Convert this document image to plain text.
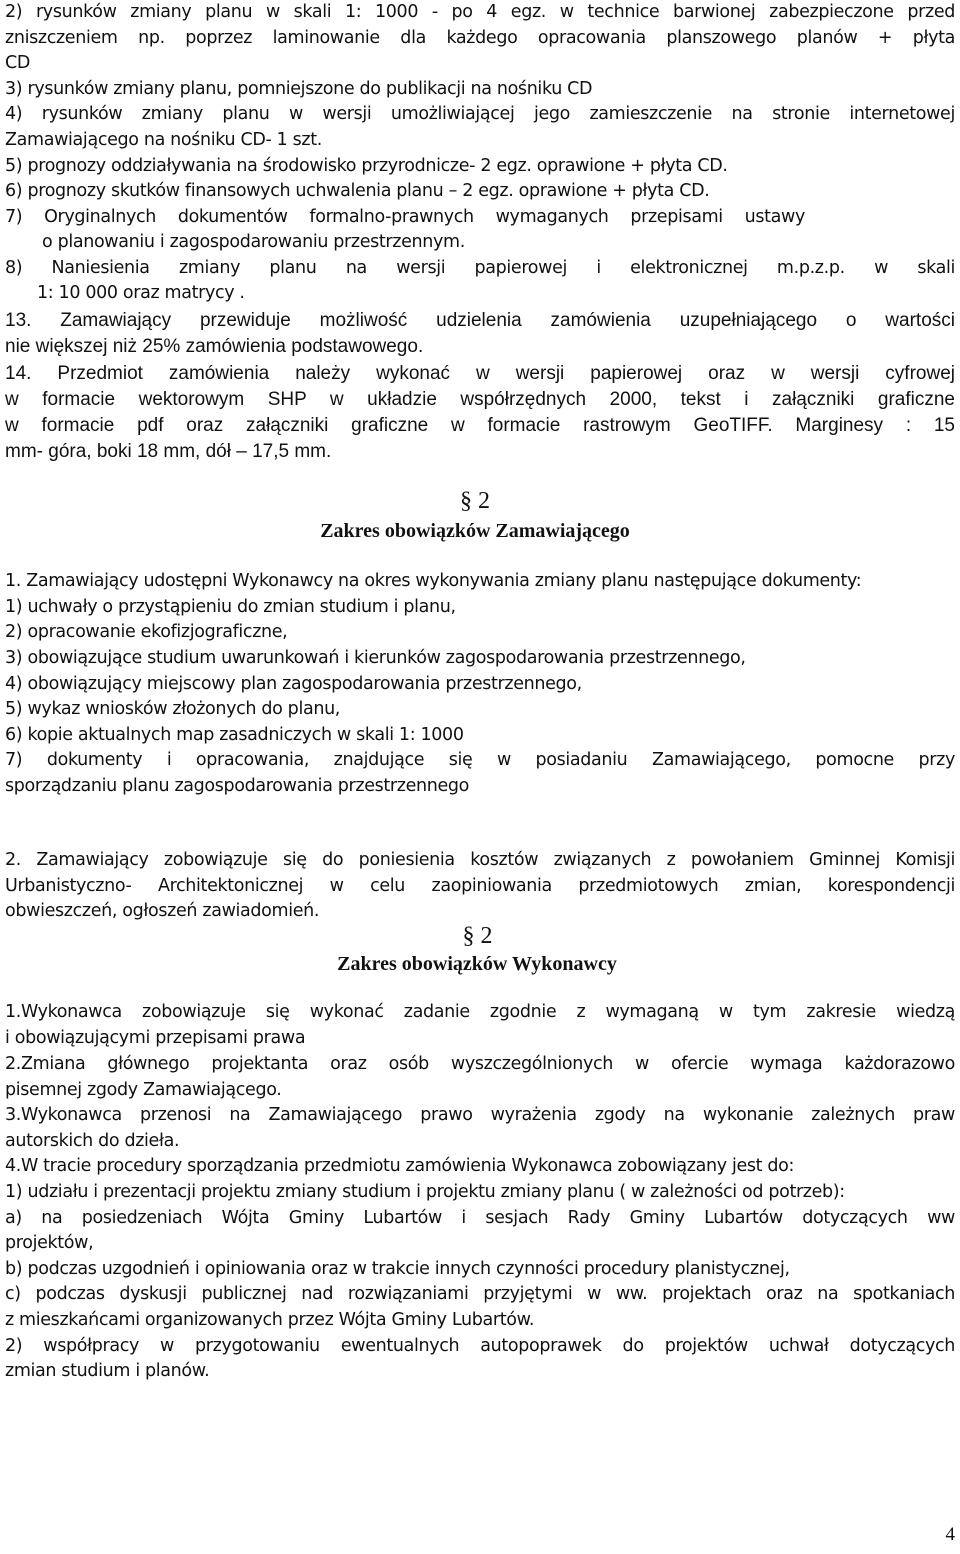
2) rysunków zmiany planu w skali 1: 1000 - po 4 egz. w technice barwionej zabezpieczone przed

zniszczeniem np. poprzez laminowanie dla każdego opracowania planszowego planów + płyta

CD

3) rysunków zmiany planu, pomniejszone do publikacji na nośniku CD

4) rysunków zmiany planu w wersji umożliwiającej jego zamieszczenie na stronie internetowej

Zamawiającego na nośniku CD- 1 szt.

5) prognozy oddziaływania na środowisko przyrodnicze- 2 egz. oprawione + płyta CD.

6) prognozy skutków finansowych uchwalenia planu – 2 egz. oprawione + płyta CD.

7) Oryginalnych dokumentów formalno-prawnych wymaganych przepisami ustawy

o planowaniu i zagospodarowaniu przestrzennym.

8) Naniesienia zmiany planu na wersji papierowej i elektronicznej m.p.z.p. w skali

1: 10 000 oraz matrycy .

13. Zamawiający przewiduje możliwość udzielenia zamówienia uzupełniającego o wartości

nie większej niż 25% zamówienia podstawowego.

14. Przedmiot zamówienia należy wykonać w wersji papierowej oraz w wersji cyfrowej

w formacie wektorowym SHP w układzie współrzędnych 2000, tekst i załączniki graficzne

w formacie pdf oraz załączniki graficzne w formacie rastrowym GeoTIFF. Marginesy : 15

mm- góra, boki 18 mm, dół – 17,5 mm.

§ 2

Zakres obowiązków Zamawiającego

1. Zamawiający udostępni Wykonawcy na okres wykonywania zmiany planu następujące dokumenty:

1) uchwały o przystąpieniu do zmian studium i planu,

2) opracowanie ekofizjograficzne,

3) obowiązujące studium uwarunkowań i kierunków zagospodarowania przestrzennego,

4) obowiązujący miejscowy plan zagospodarowania przestrzennego,

5) wykaz wniosków złożonych do planu,

6) kopie aktualnych map zasadniczych w skali 1: 1000

7) dokumenty i opracowania, znajdujące się w posiadaniu Zamawiającego, pomocne przy

sporządzaniu planu zagospodarowania przestrzennego

2. Zamawiający zobowiązuje się do poniesienia kosztów związanych z powołaniem Gminnej Komisji

Urbanistyczno- Architektonicznej w celu zaopiniowania przedmiotowych zmian, korespondencji

obwieszczeń, ogłoszeń zawiadomień.

§ 2

Zakres obowiązków Wykonawcy

1.Wykonawca zobowiązuje się wykonać zadanie zgodnie z wymaganą w tym zakresie wiedzą

i obowiązującymi przepisami prawa

2.Zmiana głównego projektanta oraz osób wyszczególnionych w ofercie wymaga każdorazowo

pisemnej zgody Zamawiającego.

3.Wykonawca przenosi na Zamawiającego prawo wyrażenia zgody na wykonanie zależnych praw

autorskich do dzieła.

4.W tracie procedury sporządzania przedmiotu zamówienia Wykonawca zobowiązany jest do:

1) udziału i prezentacji projektu zmiany studium i projektu zmiany planu ( w zależności od potrzeb):

a) na posiedzeniach Wójta Gminy Lubartów i sesjach Rady Gminy Lubartów dotyczących ww

projektów,

b) podczas uzgodnień i opiniowania oraz w trakcie innych czynności procedury planistycznej,

c) podczas dyskusji publicznej nad rozwiązaniami przyjętymi w ww. projektach oraz na spotkaniach

z mieszkańcami organizowanych przez Wójta Gminy Lubartów.

2) współpracy w przygotowaniu ewentualnych autopoprawek do projektów uchwał dotyczących

zmian studium i planów.

4
